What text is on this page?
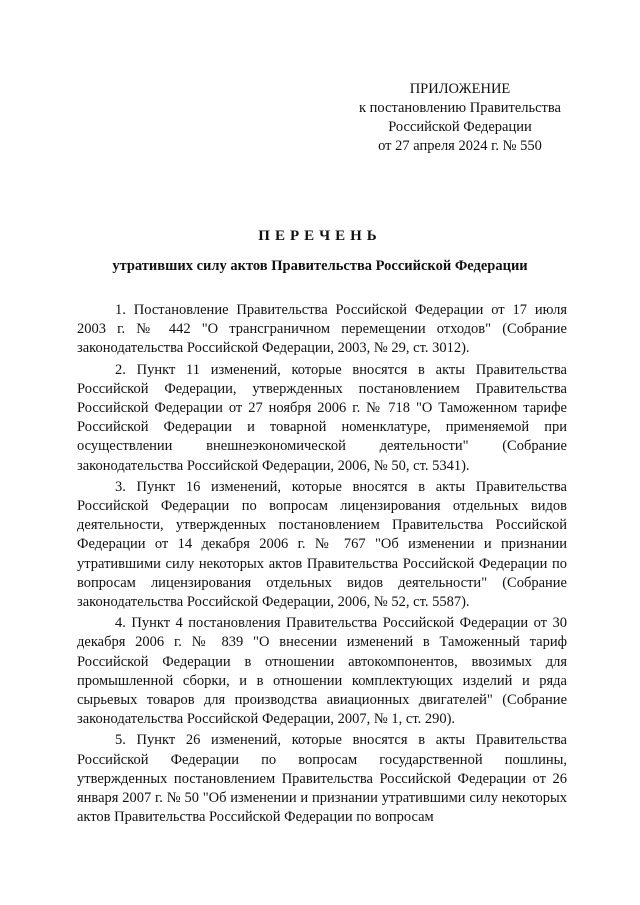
ПРИЛОЖЕНИЕ
к постановлению Правительства
Российской Федерации
от 27 апреля 2024 г. № 550
ПЕРЕЧЕНЬ
утративших силу актов Правительства Российской Федерации

1. Постановление Правительства Российской Федерации от 17 июля 2003 г. № 442 "О трансграничном перемещении отходов" (Собрание законодательства Российской Федерации, 2003, № 29, ст. 3012).

2. Пункт 11 изменений, которые вносятся в акты Правительства Российской Федерации, утвержденных постановлением Правительства Российской Федерации от 27 ноября 2006 г. № 718 "О Таможенном тарифе Российской Федерации и товарной номенклатуре, применяемой при осуществлении внешнеэкономической деятельности" (Собрание законодательства Российской Федерации, 2006, № 50, ст. 5341).

3. Пункт 16 изменений, которые вносятся в акты Правительства Российской Федерации по вопросам лицензирования отдельных видов деятельности, утвержденных постановлением Правительства Российской Федерации от 14 декабря 2006 г. № 767 "Об изменении и признании утратившими силу некоторых актов Правительства Российской Федерации по вопросам лицензирования отдельных видов деятельности" (Собрание законодательства Российской Федерации, 2006, № 52, ст. 5587).

4. Пункт 4 постановления Правительства Российской Федерации от 30 декабря 2006 г. № 839 "О внесении изменений в Таможенный тариф Российской Федерации в отношении автокомпонентов, ввозимых для промышленной сборки, и в отношении комплектующих изделий и ряда сырьевых товаров для производства авиационных двигателей" (Собрание законодательства Российской Федерации, 2007, № 1, ст. 290).

5. Пункт 26 изменений, которые вносятся в акты Правительства Российской Федерации по вопросам государственной пошлины, утвержденных постановлением Правительства Российской Федерации от 26 января 2007 г. № 50 "Об изменении и признании утратившими силу некоторых актов Правительства Российской Федерации по вопросам
